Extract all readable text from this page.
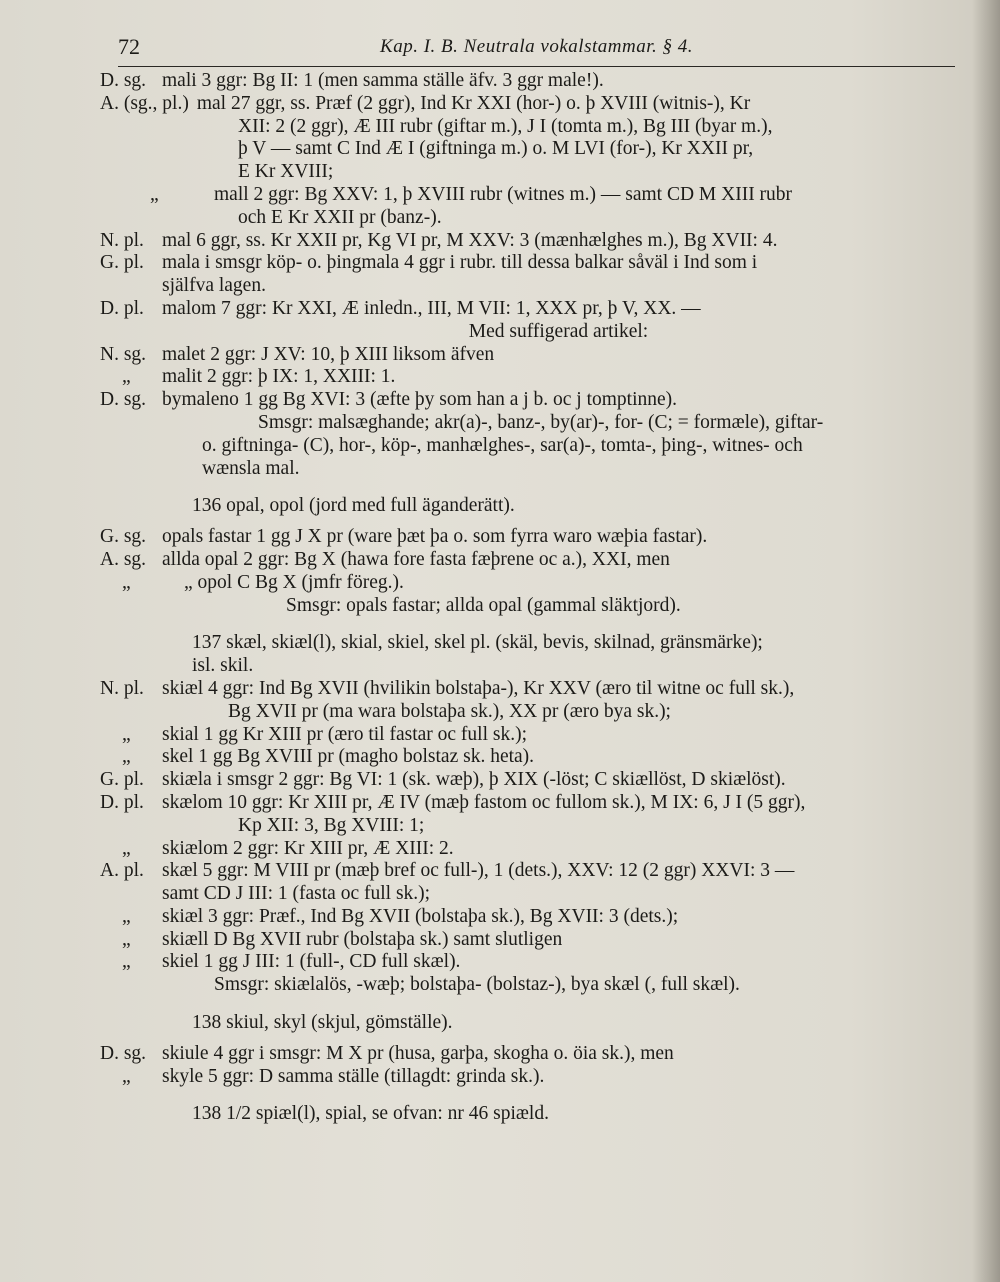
72	Kap. I. B. Neutrala vokalstammar. § 4.
D. sg. mali 3 ggr: Bg II: 1 (men samma ställe äfv. 3 ggr male!).
A. (sg., pl.) mal 27 ggr, ss. Præf (2 ggr), Ind Kr XXI (hor-) o. þ XVIII (witnis-), Kr
XII: 2 (2 ggr), Æ III rubr (giftar m.), J I (tomta m.), Bg III (byar m.),
þ V — samt C Ind Æ I (giftninga m.) o. M LVI (for-), Kr XXII pr,
E Kr XVIII;
„	mall 2 ggr: Bg XXV: 1, þ XVIII rubr (witnes m.) — samt CD M XIII rubr
och E Kr XXII pr (banz-).
N. pl. mal 6 ggr, ss. Kr XXII pr, Kg VI pr, M XXV: 3 (mænhælghes m.), Bg XVII: 4.
G. pl. mala i smsgr köp- o. þingmala 4 ggr i rubr. till dessa balkar såväl i Ind som i
själfva lagen.
D. pl. malom 7 ggr: Kr XXI, Æ inledn., III, M VII: 1, XXX pr, þ V, XX. —
Med suffigerad artikel:
N. sg. malet 2 ggr: J XV: 10, þ XIII liksom äfven
„ malit 2 ggr: þ IX: 1, XXIII: 1.
D. sg. bymaleno 1 gg Bg XVI: 3 (æfte þy som han a j b. oc j tomptinne).
Smsgr: malsæghande; akr(a)-, banz-, by(ar)-, for- (C; = formæle), giftar-
o. giftninga- (C), hor-, köp-, manhælghes-, sar(a)-, tomta-, þing-, witnes- och
wænsla mal.
136 opal, opol (jord med full äganderätt).
G. sg. opals fastar 1 gg J X pr (ware þæt þa o. som fyrra waro wæþia fastar).
A. sg. allda opal 2 ggr: Bg X (hawa fore fasta fæþrene oc a.), XXI, men
„	„ opol C Bg X (jmfr föreg.).
Smsgr: opals fastar; allda opal (gammal släktjord).
137 skæl, skiæl(l), skial, skiel, skel pl. (skäl, bevis, skilnad, gränsmärke);
isl. skil.
N. pl. skiæl 4 ggr: Ind Bg XVII (hvilikin bolstaþa-), Kr XXV (æro til witne oc full sk.),
Bg XVII pr (ma wara bolstaþa sk.), XX pr (æro bya sk.);
„ skial 1 gg Kr XIII pr (æro til fastar oc full sk.);
„ skel 1 gg Bg XVIII pr (magho bolstaz sk. heta).
G. pl. skiæla i smsgr 2 ggr: Bg VI: 1 (sk. wæþ), þ XIX (-löst; C skiællöst, D skiælöst).
D. pl. skælom 10 ggr: Kr XIII pr, Æ IV (mæþ fastom oc fullom sk.), M IX: 6, J I (5 ggr),
Kp XII: 3, Bg XVIII: 1;
„ skiælom 2 ggr: Kr XIII pr, Æ XIII: 2.
A. pl. skæl 5 ggr: M VIII pr (mæþ bref oc full-), 1 (dets.), XXV: 12 (2 ggr) XXVI: 3 —
samt CD J III: 1 (fasta oc full sk.);
„ skiæl 3 ggr: Præf., Ind Bg XVII (bolstaþa sk.), Bg XVII: 3 (dets.);
„ skiæll D Bg XVII rubr (bolstaþa sk.) samt slutligen
„ skiel 1 gg J III: 1 (full-, CD full skæl).
Smsgr: skiælalös, -wæþ; bolstaþa- (bolstaz-), bya skæl (, full skæl).
138 skiul, skyl (skjul, gömställe).
D. sg. skiule 4 ggr i smsgr: M X pr (husa, garþa, skogha o. öia sk.), men
„ skyle 5 ggr: D samma ställe (tillagdt: grinda sk.).
138 1/2 spiæl(l), spial, se ofvan: nr 46 spiæld.
